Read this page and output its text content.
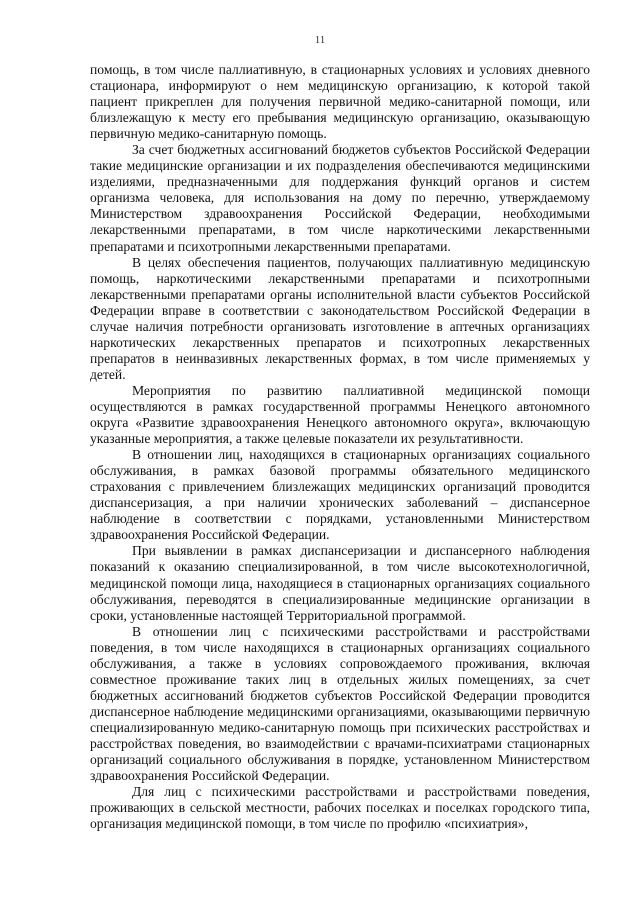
11

помощь, в том числе паллиативную, в стационарных условиях и условиях дневного стационара, информируют о нем медицинскую организацию, к которой такой пациент прикреплен для получения первичной медико-санитарной помощи, или близлежащую к месту его пребывания медицинскую организацию, оказывающую первичную медико-санитарную помощь.

За счет бюджетных ассигнований бюджетов субъектов Российской Федерации такие медицинские организации и их подразделения обеспечиваются медицинскими изделиями, предназначенными для поддержания функций органов и систем организма человека, для использования на дому по перечню, утверждаемому Министерством здравоохранения Российской Федерации, необходимыми лекарственными препаратами, в том числе наркотическими лекарственными препаратами и психотропными лекарственными препаратами.

В целях обеспечения пациентов, получающих паллиативную медицинскую помощь, наркотическими лекарственными препаратами и психотропными лекарственными препаратами органы исполнительной власти субъектов Российской Федерации вправе в соответствии с законодательством Российской Федерации в случае наличия потребности организовать изготовление в аптечных организациях наркотических лекарственных препаратов и психотропных лекарственных препаратов в неинвазивных лекарственных формах, в том числе применяемых у детей.

Мероприятия по развитию паллиативной медицинской помощи осуществляются в рамках государственной программы Ненецкого автономного округа «Развитие здравоохранения Ненецкого автономного округа», включающую указанные мероприятия, а также целевые показатели их результативности.

В отношении лиц, находящихся в стационарных организациях социального обслуживания, в рамках базовой программы обязательного медицинского страхования с привлечением близлежащих медицинских организаций проводится диспансеризация, а при наличии хронических заболеваний – диспансерное наблюдение в соответствии с порядками, установленными Министерством здравоохранения Российской Федерации.

При выявлении в рамках диспансеризации и диспансерного наблюдения показаний к оказанию специализированной, в том числе высокотехнологичной, медицинской помощи лица, находящиеся в стационарных организациях социального обслуживания, переводятся в специализированные медицинские организации в сроки, установленные настоящей Территориальной программой.

В отношении лиц с психическими расстройствами и расстройствами поведения, в том числе находящихся в стационарных организациях социального обслуживания, а также в условиях сопровождаемого проживания, включая совместное проживание таких лиц в отдельных жилых помещениях, за счет бюджетных ассигнований бюджетов субъектов Российской Федерации проводится диспансерное наблюдение медицинскими организациями, оказывающими первичную специализированную медико-санитарную помощь при психических расстройствах и расстройствах поведения, во взаимодействии с врачами-психиатрами стационарных организаций социального обслуживания в порядке, установленном Министерством здравоохранения Российской Федерации.

Для лиц с психическими расстройствами и расстройствами поведения, проживающих в сельской местности, рабочих поселках и поселках городского типа, организация медицинской помощи, в том числе по профилю «психиатрия»,
